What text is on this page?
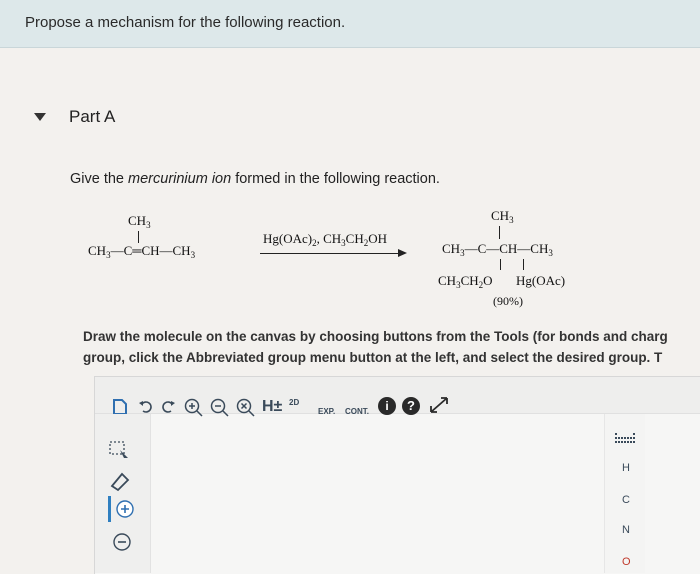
Propose a mechanism for the following reaction.
Part A
Give the mercurinium ion formed in the following reaction.
$CH_3$
$CH_3—C═CH—CH_3$
$Hg(OAc)_2$, $CH_3CH_2OH$
$CH_3$
$CH_3—C—CH—CH_3$
$CH_3CH_2O$ Hg(OAc)
(90%)
Draw the molecule on the canvas by choosing buttons from the Tools (for bonds and charg
group, click the Abbreviated group menu button at the left, and select the desired group. T
H± $^{2D}$
EXP. CONT.	i	?
H
C
N
O
